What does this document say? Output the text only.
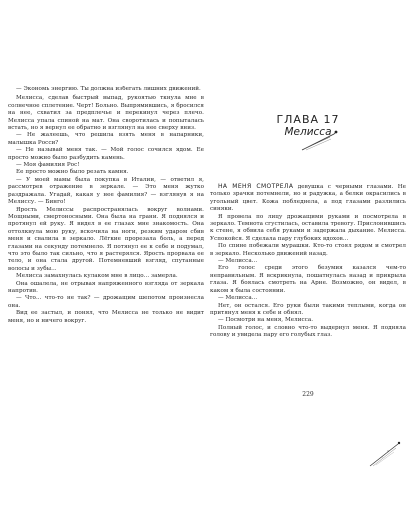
— Экономь энергию. Ты должна избегать лишних движений.

Мелисса, сделав быстрый выпад, рукоятью ткнула мне в солнечное сплетение. Черт! Больно. Выпрямившись, я бросился на нее, схватил за предплечье и перекинул через плечо. Мелисса упала спиной на мат. Она своротилась и попыталась встать, но я вернул ее обратно и взглянул на нее сверху вниз.

— Не жалеешь, что решила взять меня в напарники, малышка Росси?

— Не называй меня так. — Мой голос сочился ядом. Ее просто можно было разбудить камень.

— Моя фамилия Рос!

Ее просто можно было резать камня.

— У моей мамы была покупка в Италии, — ответил я, рассмотрев отражение в зеркале. — Это меня жутко раздражала. Угадай, какая у нее фамилия? — взглянув я на Мелиссу. — Бинго!

Ярость Мелиссы распространялась вокруг волнами. Мощными, смертоносными. Она была на грани. Я поднялся и протянул ей руку. Я видел в ее глазах мне знакомость. Она оттолкнула мою руку, вскочила на ноги, резким ударом сбив меня и свалила в зеркало. Лёгкие прорезала боль, а перед глазами на секунду потемнело. Я потянул ее к себе и подумал, что это было так сильно, что я растерялся. Ярость прорвала ее тело, и она стала другой. Потемневший взгляд, спутанные волосы и зубы...

Мелисса замахнулась кулаком мне в лицо... замерла.

Она ошалела, не отрывая напряженного взгляда от зеркала напротив.

— Что... что-то не так? — дрожащим шепотом произнесла она.

Вид ее застыл, и понял, что Мелисса не только не видит меня, но и ничего вокруг.

ГЛАВА 17

Мелисса

НА МЕНЯ СМОТРЕЛА девушка с черными глазами. Не только зрачки потемнели, но и радужка, а белки окрасились в угольный цвет. Кожа побледнела, а под глазами разлились синяки.

Я провела по лицу дрожащими руками и посмотрела в зеркало. Темнота сгустилась, оставила тревогу. Прислонившись к стене, я обвила себя руками и задержала дыхание. Мелисса. Успокойся. Я сделала пару глубоких вдохов...

По спине побежали мурашки. Кто-то стоял рядом и смотрел в зеркало. Несколько движений назад.

— Мелисса...

Его голос среди этого безумия казался чем-то неправильным. Я вскрикнула, пошатнулась назад и прикрыла глаза. Я боялась смотреть на Арне. Возможно, он видел, в каком я была состоянии.

— Мелисса...

Нет, он остался. Его руки были такими теплыми, когда он притянул меня к себе и обнял.

— Посмотри на меня, Мелисса.

Полный голос, и словно что-то выдернул меня. Я подняла голову и увидела пару его голубых глаз.

229
